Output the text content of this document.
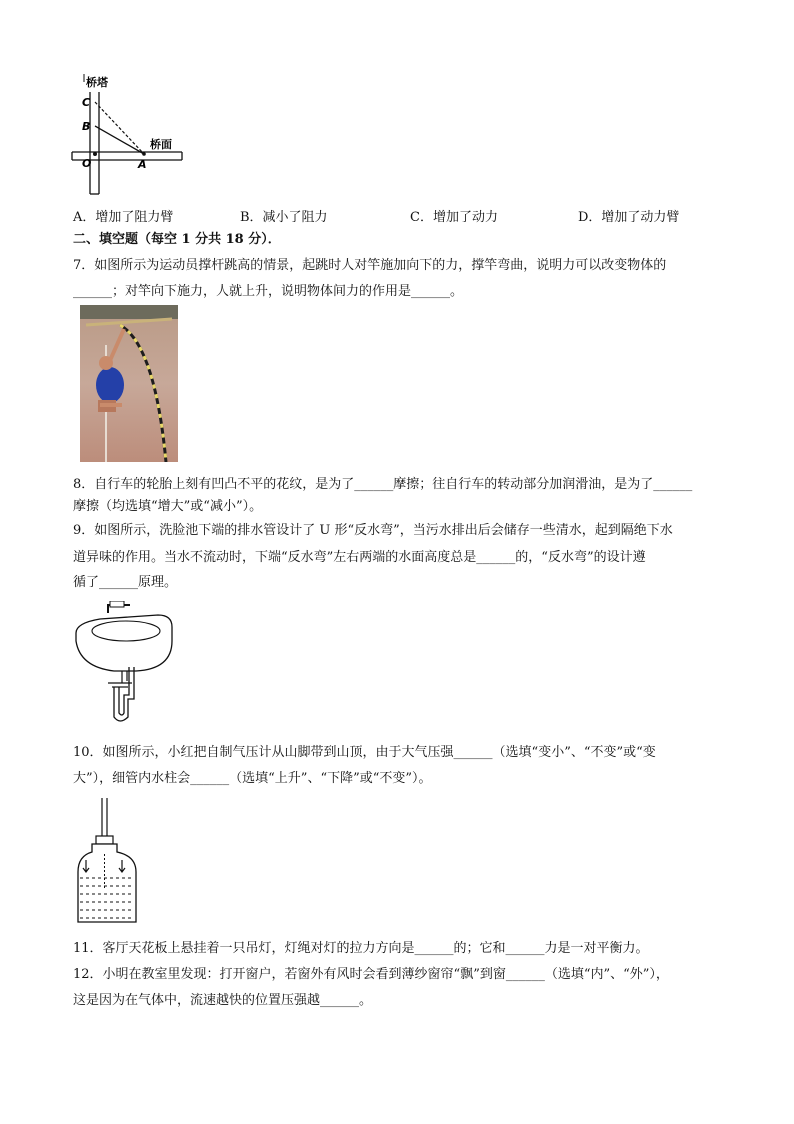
桥塔
C
B
O	A
桥面
A．增加了阻力臂	B．减小了阻力	C．增加了动力	D．增加了动力臂
二、填空题（每空 1 分共 18 分）．
7．如图所示为运动员撑杆跳高的情景，起跳时人对竿施加向下的力，撑竿弯曲，说明力可以改变物体的
______；对竿向下施力，人就上升，说明物体间力的作用是______。
8．自行车的轮胎上刻有凹凸不平的花纹，是为了______摩擦；往自行车的转动部分加润滑油，是为了______
摩擦（均选填“增大”或“减小”）。
9．如图所示，洗脸池下端的排水管设计了 U 形“反水弯”，当污水排出后会储存一些清水，起到隔绝下水
道异味的作用。当水不流动时，下端“反水弯”左右两端的水面高度总是______的，“反水弯”的设计遵
循了______原理。
10．如图所示，小红把自制气压计从山脚带到山顶，由于大气压强______（选填“变小”、“不变”或“变
大”），细管内水柱会______（选填“上升”、“下降”或“不变”）。
11．客厅天花板上悬挂着一只吊灯，灯绳对灯的拉力方向是______的；它和______力是一对平衡力。
12．小明在教室里发现：打开窗户，若窗外有风时会看到薄纱窗帘“飘”到窗______（选填“内”、“外”），
这是因为在气体中，流速越快的位置压强越______。
